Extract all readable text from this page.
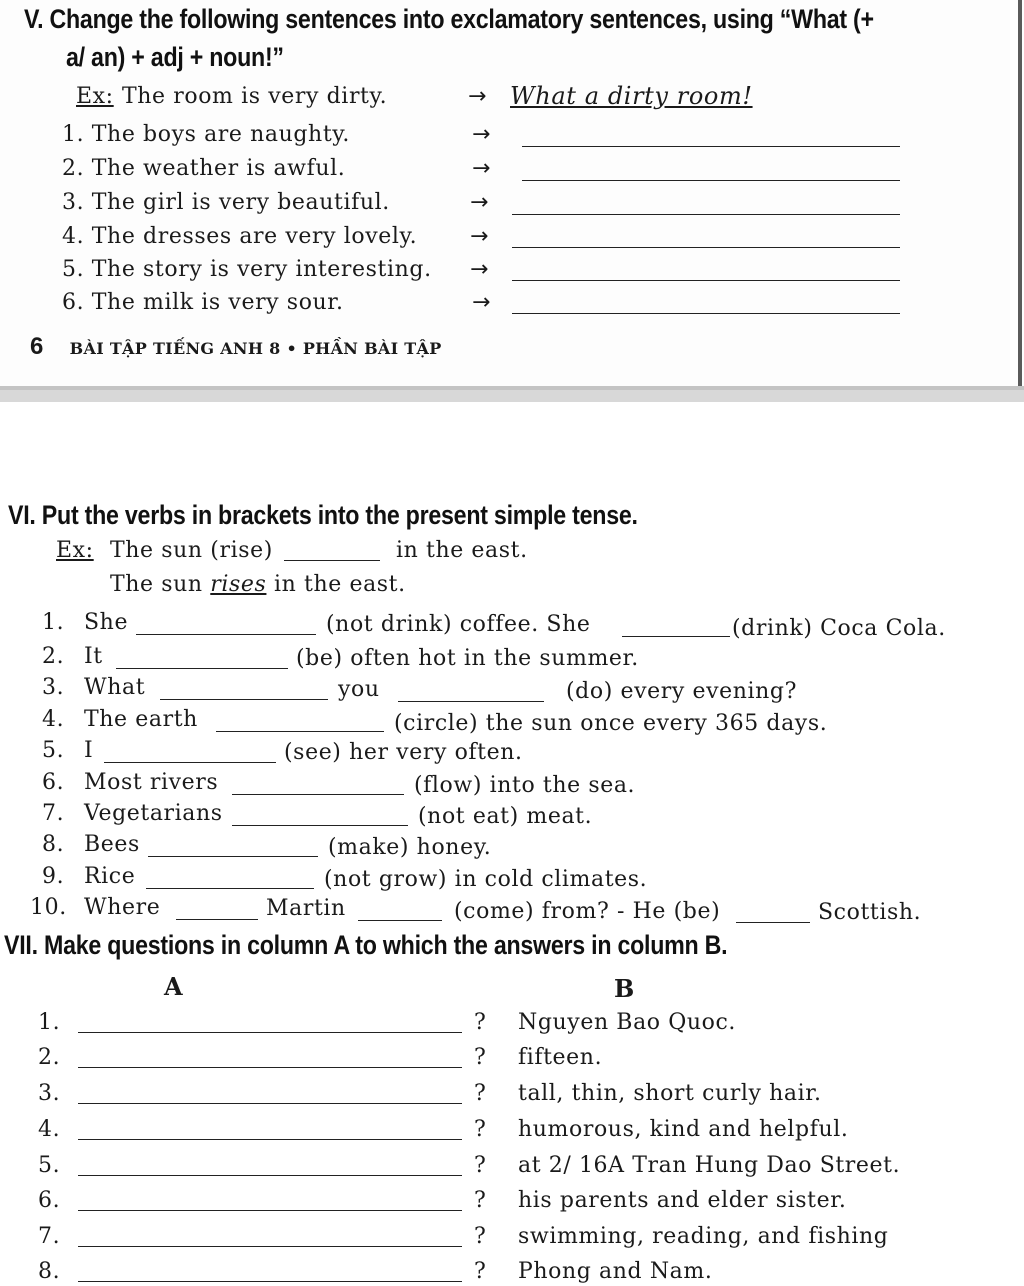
V. Change the following sentences into exclamatory sentences, using “What (+
a/ an) + adj + noun!”
Ex: The room is very dirty.	→ What a dirty room!
1. The boys are naughty.	→
2. The weather is awful.	→
3. The girl is very beautiful.	→
4. The dresses are very lovely. →
5. The story is very interesting. →
6. The milk is very sour.	→
6 BÀI TẬP TIẾNG ANH 8 • PHẦN BÀI TẬP
VI. Put the verbs in brackets into the present simple tense.
Ex: The sun (rise)	in the east.
The sun rises in the east.
1. She	(not drink) coffee. She	(drink) Coca Cola.
2. It	(be) often hot in the summer.
3. What	you	(do) every evening?
4. The earth	(circle) the sun once every 365 days.
5. I	(see) her very often.
6. Most rivers	(flow) into the sea.
7. Vegetarians	(not eat) meat.
8. Bees	(make) honey.
9. Rice	(not grow) in cold climates.
10. Where	Martin	(come) from? - He (be)	Scottish.
VII. Make questions in column A to which the answers in column B.
A	B
1.	? Nguyen Bao Quoc.
2.	? fifteen.
3.	? tall, thin, short curly hair.
4.	? humorous, kind and helpful.
5.	? at 2/ 16A Tran Hung Dao Street.
6.	? his parents and elder sister.
7.	? swimming, reading, and fishing
8.	? Phong and Nam.
